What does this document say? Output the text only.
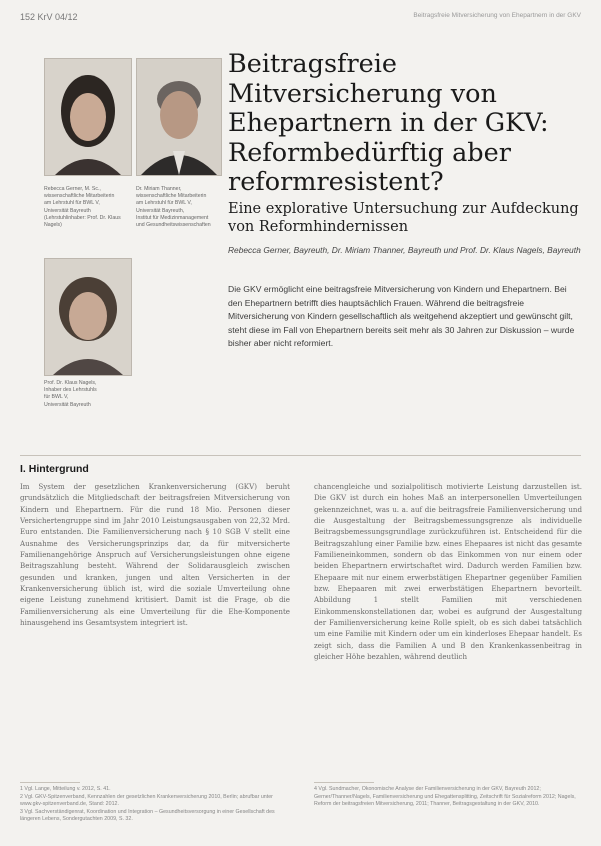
152 KrV 04/12	Beitragsfreie Mitversicherung von Ehepartnern in der GKV
Rebecca Gerner, M. Sc.,
wissenschaftliche Mitarbeiterin
am Lehrstuhl für BWL V,
Universität Bayreuth
(Lehrstuhlinhaber: Prof. Dr. Klaus Nagels)
Dr. Miriam Thanner,
wissenschaftliche Mitarbeiterin
am Lehrstuhl für BWL V,
Universität Bayreuth,
Institut für Medizinmanagement
und Gesundheitswissenschaften
Prof. Dr. Klaus Nagels,
Inhaber des Lehrstuhls
für BWL V,
Universität Bayreuth
Beitragsfreie Mitversicherung von Ehepartnern in der GKV: Reformbedürftig aber reformresistent?
Eine explorative Untersuchung zur Aufdeckung von Reformhindernissen
Rebecca Gerner, Bayreuth, Dr. Miriam Thanner, Bayreuth und Prof. Dr. Klaus Nagels, Bayreuth
Die GKV ermöglicht eine beitragsfreie Mitversicherung von Kindern und Ehepartnern. Bei den Ehepartnern betrifft dies hauptsächlich Frauen. Während die beitragsfreie Mitversicherung von Kindern gesellschaftlich als weitgehend akzeptiert und gewünscht gilt, steht diese im Fall von Ehepartnern bereits seit mehr als 30 Jahren zur Diskussion – wurde bisher aber nicht reformiert.
I. Hintergrund
Im System der gesetzlichen Krankenversicherung (GKV) beruht grundsätzlich die Mitgliedschaft der beitragsfreien Mitversicherung von Kindern und Ehepartnern. Für die rund 18 Mio. Personen dieser Versichertengruppe sind im Jahr 2010 Leistungsausgaben von 22,32 Mrd. Euro entstanden. Die Familienversicherung nach § 10 SGB V stellt eine Ausnahme des Versicherungsprinzips dar, da für mitversicherte Familienangehörige Anspruch auf Versicherungsleistungen ohne eigene Beitragszahlung besteht. Während der Solidarausgleich zwischen gesunden und kranken, jungen und alten Versicherten in der Krankenversicherung üblich ist, wird die soziale Umverteilung ohne eigene Leistung zunehmend kritisiert. Damit ist die Frage, ob die Familienversicherung als eine Umverteilung für die Ehe-Komponente hinausgehend ins Gesamtsystem integriert ist.
chancengleiche und sozialpolitisch motivierte Leistung darzustellen ist. Die GKV ist durch ein hohes Maß an interpersonellen Umverteilungen gekennzeichnet, was u. a. auf die beitragsfreie Familienversicherung und die Ausgestaltung der Beitragsbemessungsgrenze als individuelle Beitragsbemessungsgrundlage zurückzuführen ist. Entscheidend für die Beitragszahlung einer Familie bzw. eines Ehepaares ist nicht das gesamte Familieneinkommen, sondern ob das Einkommen von nur einem oder beiden Ehepartnern erwirtschaftet wird. Dadurch werden Familien bzw. Ehepaare mit nur einem erwerbstätigen Ehepartner gegenüber Familien bzw. Ehepaaren mit zwei erwerbstätigen Ehepartnern bevorteilt. Abbildung 1 stellt Familien mit verschiedenen Einkommenskonstellationen dar, wobei es aufgrund der Ausgestaltung der Familienversicherung keine Rolle spielt, ob es sich dabei tatsächlich um eine Familie mit Kindern oder um ein kinderloses Ehepaar handelt. Es zeigt sich, dass die Familien A und B den Krankenkassenbeitrag in gleicher Höhe bezahlen, während deutlich
1 Vgl. Lange, Mitteilung v. 2012, S. 41.
2 Vgl. GKV-Spitzenverband, Kennzahlen der gesetzlichen Krankenversicherung 2010, Berlin; abrufbar unter www.gkv-spitzenverband.de, Stand: 2012.
3 Vgl. Sachverständigenrat, Koordination und Integration – Gesundheitsversorgung in einer Gesellschaft des längeren Lebens, Sondergutachten 2009, S. 32.
4 Vgl. Sundmacher, Ökonomische Analyse der Familienversicherung in der GKV, Bayreuth 2012; Gerner/Thanner/Nagels, Familienversicherung und Ehegattensplitting, Zeitschrift für Sozialreform 2012; Nagels, Reform der beitragsfreien Mitversicherung, 2011; Thanner, Beitragsgestaltung in der GKV, 2010.
